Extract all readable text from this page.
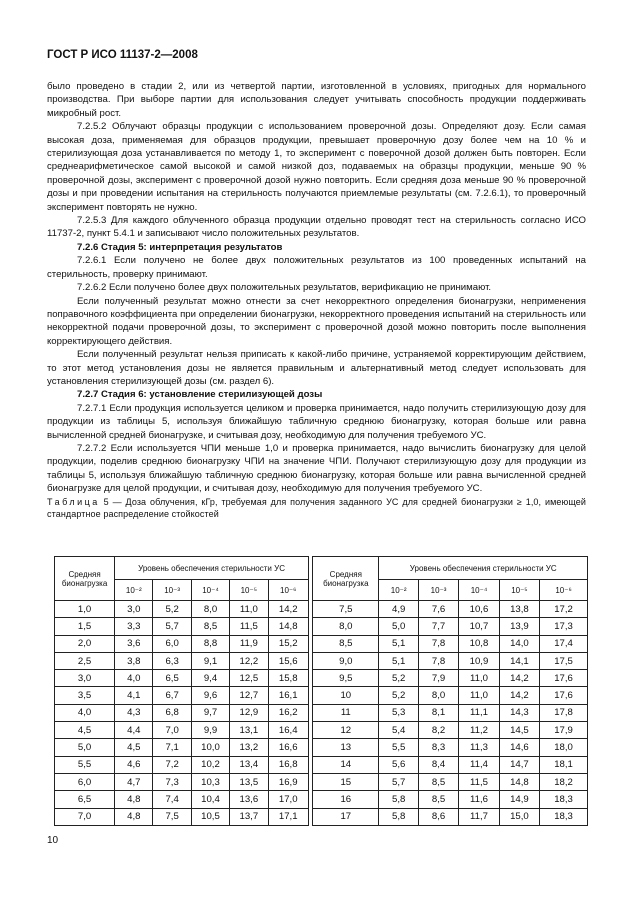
ГОСТ Р ИСО 11137-2—2008

было проведено в стадии 2, или из четвертой партии, изготовленной в условиях, пригодных для нормального производства. При выборе партии для использования следует учитывать способность продукции поддерживать микробный рост.

7.2.5.2 Облучают образцы продукции с использованием проверочной дозы. Определяют дозу. Если самая высокая доза, применяемая для образцов продукции, превышает проверочную дозу более чем на 10 % и стерилизующая доза устанавливается по методу 1, то эксперимент с поверочной дозой должен быть повторен. Если среднеарифметическое самой высокой и самой низкой доз, подаваемых на образцы продукции, меньше 90 % проверочной дозы, эксперимент с проверочной дозой нужно повторить. Если средняя доза меньше 90 % проверочной дозы и при проведении испытания на стерильность получаются приемлемые результаты (см. 7.2.6.1), то проверочный эксперимент повторять не нужно.

7.2.5.3 Для каждого облученного образца продукции отдельно проводят тест на стерильность согласно ИСО 11737-2, пункт 5.4.1 и записывают число положительных результатов.

7.2.6 Стадия 5: интерпретация результатов

7.2.6.1 Если получено не более двух положительных результатов из 100 проведенных испытаний на стерильность, проверку принимают.

7.2.6.2 Если получено более двух положительных результатов, верификацию не принимают.

Если полученный результат можно отнести за счет некорректного определения бионагрузки, неприменения поправочного коэффициента при определении бионагрузки, некорректного проведения испытаний на стерильность или некорректной подачи проверочной дозы, то эксперимент с проверочной дозой можно повторить после выполнения корректирующего действия.

Если полученный результат нельзя приписать к какой-либо причине, устраняемой корректирующим действием, то этот метод установления дозы не является правильным и альтернативный метод следует использовать для установления стерилизующей дозы (см. раздел 6).

7.2.7 Стадия 6: установление стерилизующей дозы

7.2.7.1 Если продукция используется целиком и проверка принимается, надо получить стерилизующую дозу для продукции из таблицы 5, используя ближайшую табличную среднюю бионагрузку, которая больше или равна вычисленной средней бионагрузке, и считывая дозу, необходимую для получения требуемого УС.

7.2.7.2 Если используется ЧПИ меньше 1,0 и проверка принимается, надо вычислить бионагрузку для целой продукции, поделив среднюю бионагрузку ЧПИ на значение ЧПИ. Получают стерилизующую дозу для продукции из таблицы 5, используя ближайшую табличную среднюю бионагрузку, которая больше или равна вычисленной средней бионагрузке для целой продукции, и считывая дозу, необходимую для получения требуемого УС.

Таблица 5 — Доза облучения, кГр, требуемая для получения заданного УС для средней бионагрузки ≥ 1,0, имеющей стандартное распределение стойкостей

Средняя бионагрузка	Уровень обеспечения стерильности УС						Средняя бионагрузка	Уровень обеспечения стерильности УС				
	10⁻²	10⁻³	10⁻⁴	10⁻⁵	10⁻⁶			10⁻²	10⁻³	10⁻⁴	10⁻⁵	10⁻⁶
1,0	3,0	5,2	8,0	11,0	14,2		7,5	4,9	7,6	10,6	13,8	17,2
1,5	3,3	5,7	8,5	11,5	14,8		8,0	5,0	7,7	10,7	13,9	17,3
2,0	3,6	6,0	8,8	11,9	15,2		8,5	5,1	7,8	10,8	14,0	17,4
2,5	3,8	6,3	9,1	12,2	15,6		9,0	5,1	7,8	10,9	14,1	17,5
3,0	4,0	6,5	9,4	12,5	15,8		9,5	5,2	7,9	11,0	14,2	17,6
3,5	4,1	6,7	9,6	12,7	16,1		10	5,2	8,0	11,0	14,2	17,6
4,0	4,3	6,8	9,7	12,9	16,2		11	5,3	8,1	11,1	14,3	17,8
4,5	4,4	7,0	9,9	13,1	16,4		12	5,4	8,2	11,2	14,5	17,9
5,0	4,5	7,1	10,0	13,2	16,6		13	5,5	8,3	11,3	14,6	18,0
5,5	4,6	7,2	10,2	13,4	16,8		14	5,6	8,4	11,4	14,7	18,1
6,0	4,7	7,3	10,3	13,5	16,9		15	5,7	8,5	11,5	14,8	18,2
6,5	4,8	7,4	10,4	13,6	17,0		16	5,8	8,5	11,6	14,9	18,3
7,0	4,8	7,5	10,5	13,7	17,1		17	5,8	8,6	11,7	15,0	18,3
10
